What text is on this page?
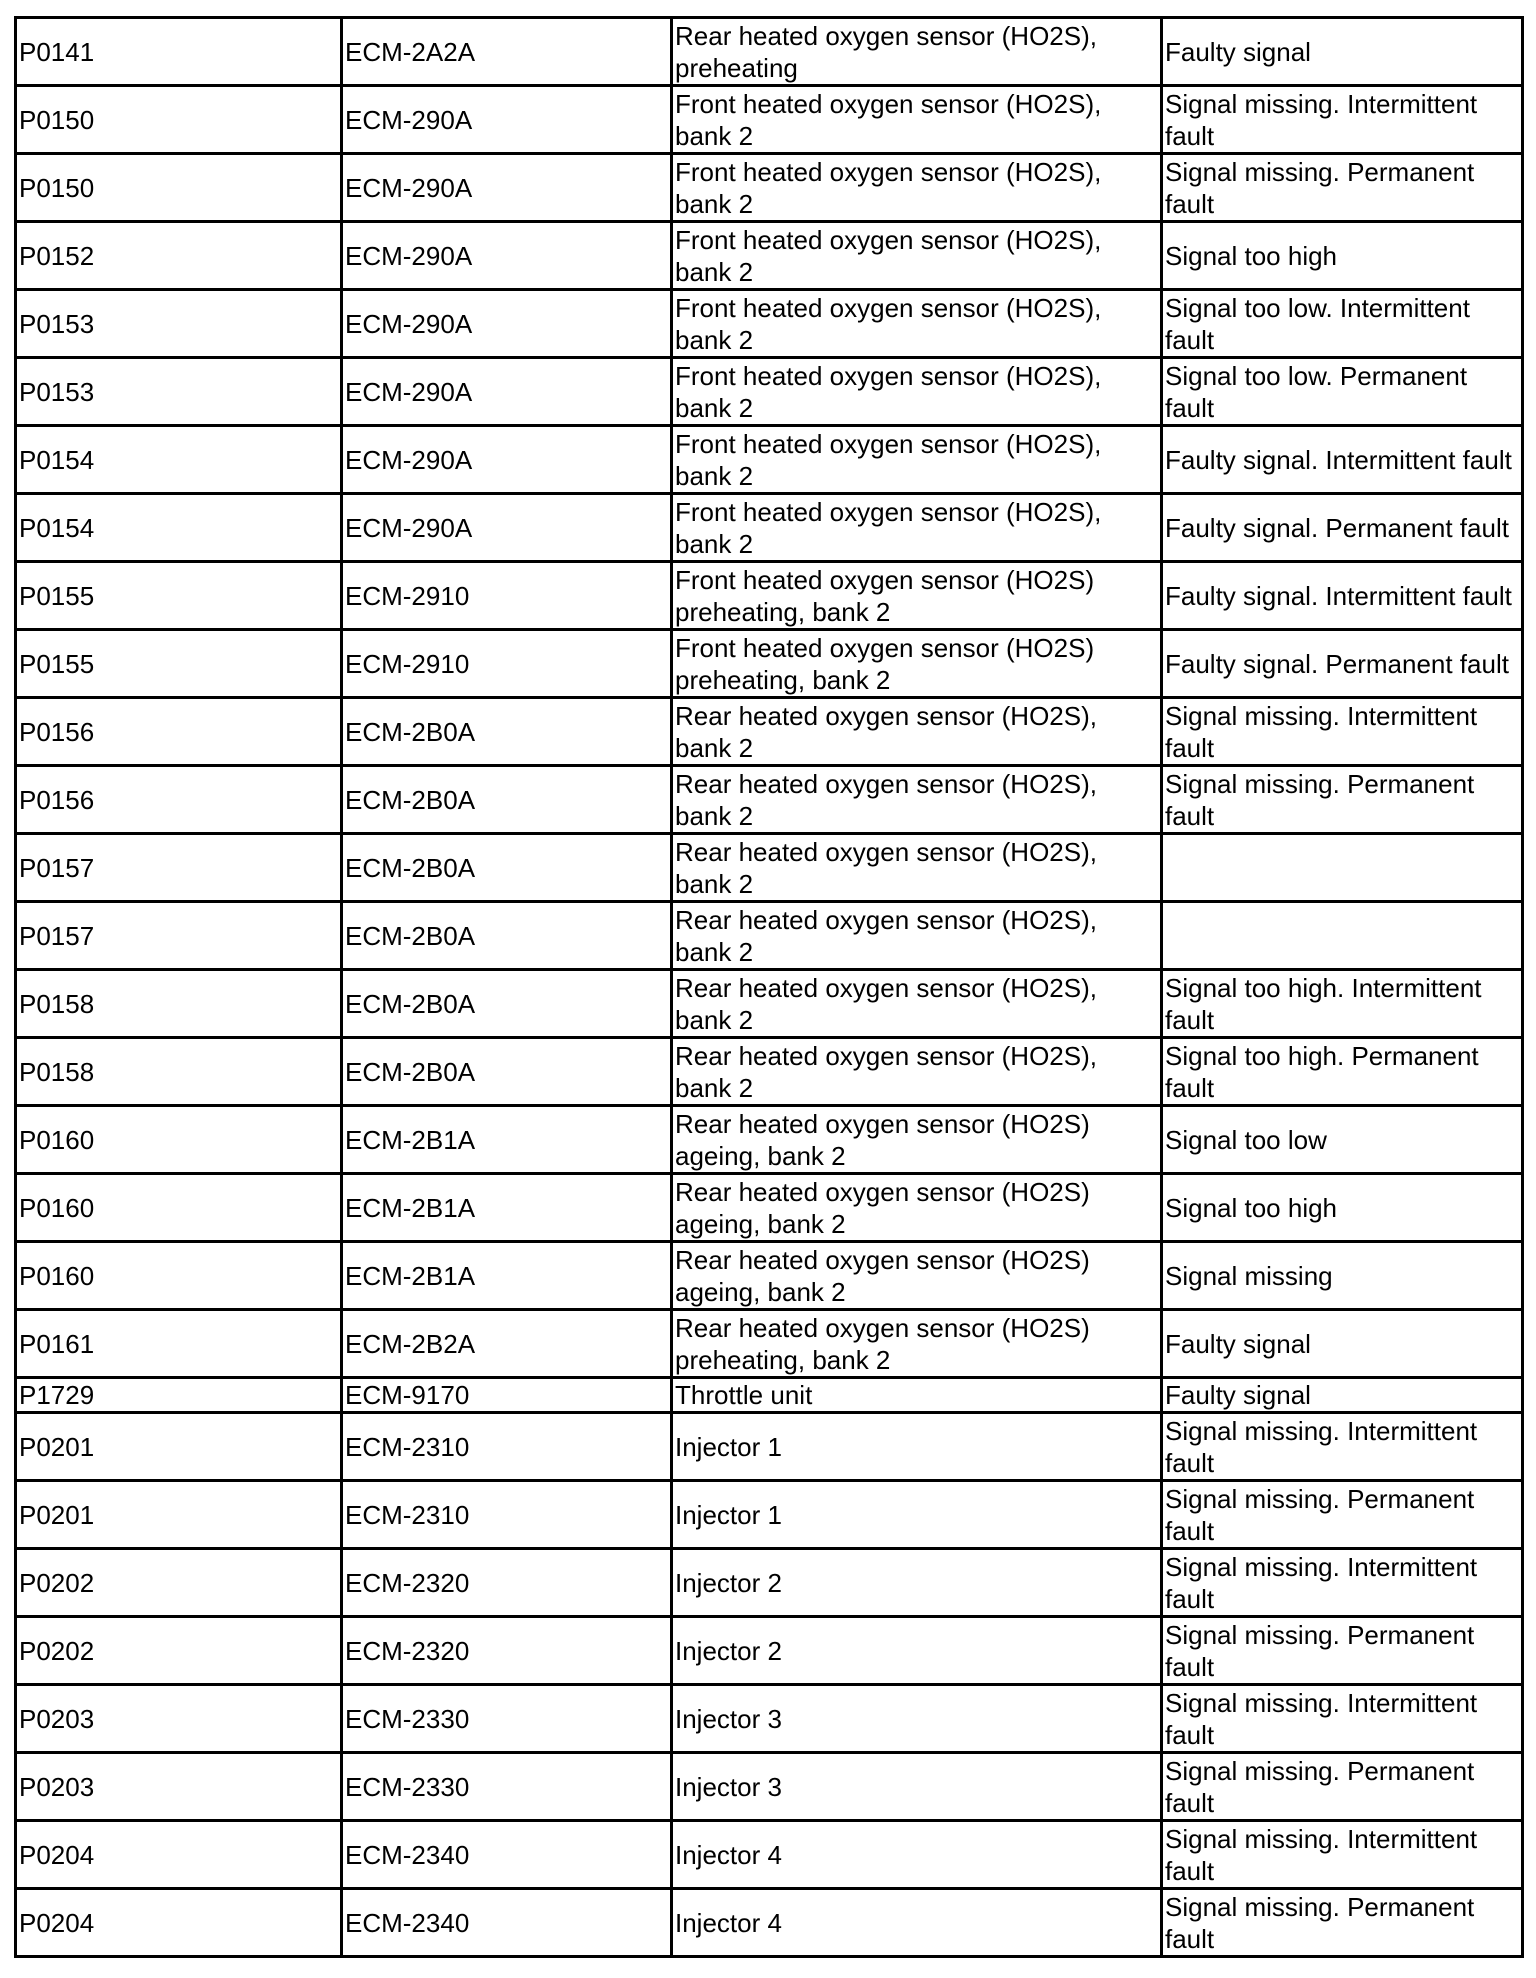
P0141	ECM-2A2A	Rear heated oxygen sensor (HO2S), preheating	Faulty signal
P0150	ECM-290A	Front heated oxygen sensor (HO2S), bank 2	Signal missing. Intermittent fault
P0150	ECM-290A	Front heated oxygen sensor (HO2S), bank 2	Signal missing. Permanent fault
P0152	ECM-290A	Front heated oxygen sensor (HO2S), bank 2	Signal too high
P0153	ECM-290A	Front heated oxygen sensor (HO2S), bank 2	Signal too low. Intermittent fault
P0153	ECM-290A	Front heated oxygen sensor (HO2S), bank 2	Signal too low. Permanent fault
P0154	ECM-290A	Front heated oxygen sensor (HO2S), bank 2	Faulty signal. Intermittent fault
P0154	ECM-290A	Front heated oxygen sensor (HO2S), bank 2	Faulty signal. Permanent fault
P0155	ECM-2910	Front heated oxygen sensor (HO2S) preheating, bank 2	Faulty signal. Intermittent fault
P0155	ECM-2910	Front heated oxygen sensor (HO2S) preheating, bank 2	Faulty signal. Permanent fault
P0156	ECM-2B0A	Rear heated oxygen sensor (HO2S), bank 2	Signal missing. Intermittent fault
P0156	ECM-2B0A	Rear heated oxygen sensor (HO2S), bank 2	Signal missing. Permanent fault
P0157	ECM-2B0A	Rear heated oxygen sensor (HO2S), bank 2	
P0157	ECM-2B0A	Rear heated oxygen sensor (HO2S), bank 2	
P0158	ECM-2B0A	Rear heated oxygen sensor (HO2S), bank 2	Signal too high. Intermittent fault
P0158	ECM-2B0A	Rear heated oxygen sensor (HO2S), bank 2	Signal too high. Permanent fault
P0160	ECM-2B1A	Rear heated oxygen sensor (HO2S) ageing, bank 2	Signal too low
P0160	ECM-2B1A	Rear heated oxygen sensor (HO2S) ageing, bank 2	Signal too high
P0160	ECM-2B1A	Rear heated oxygen sensor (HO2S) ageing, bank 2	Signal missing
P0161	ECM-2B2A	Rear heated oxygen sensor (HO2S) preheating, bank 2	Faulty signal
P1729	ECM-9170	Throttle unit	Faulty signal
P0201	ECM-2310	Injector 1	Signal missing. Intermittent fault
P0201	ECM-2310	Injector 1	Signal missing. Permanent fault
P0202	ECM-2320	Injector 2	Signal missing. Intermittent fault
P0202	ECM-2320	Injector 2	Signal missing. Permanent fault
P0203	ECM-2330	Injector 3	Signal missing. Intermittent fault
P0203	ECM-2330	Injector 3	Signal missing. Permanent fault
P0204	ECM-2340	Injector 4	Signal missing. Intermittent fault
P0204	ECM-2340	Injector 4	Signal missing. Permanent fault
